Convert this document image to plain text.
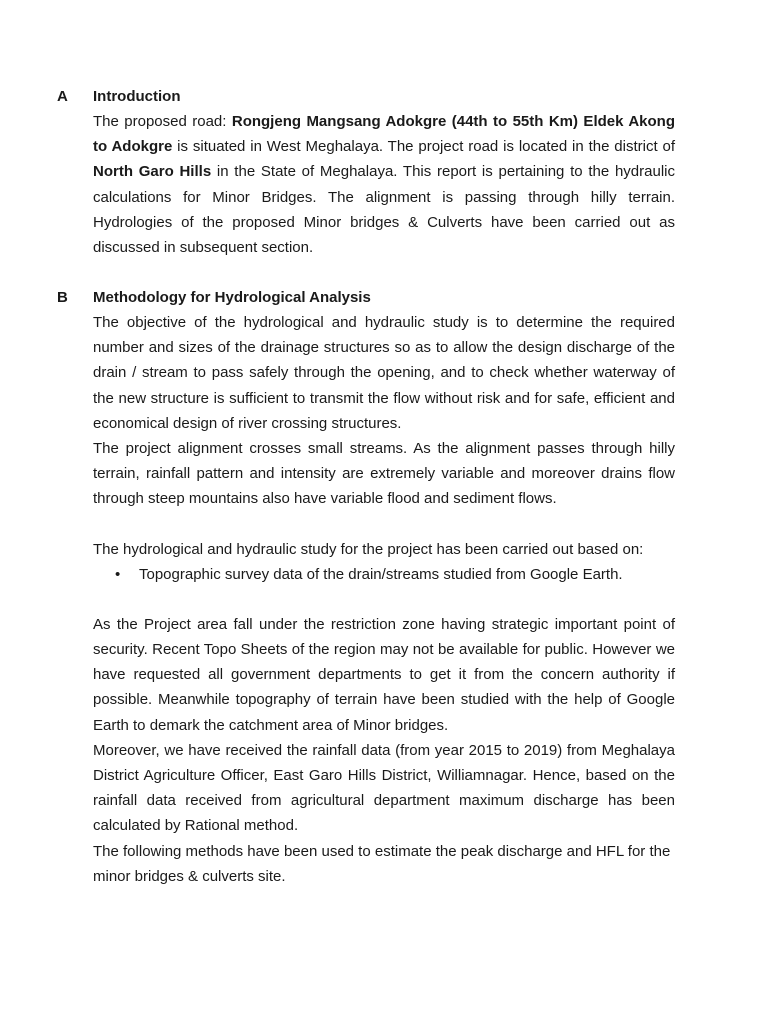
A Introduction

The proposed road: Rongjeng Mangsang Adokgre (44th to 55th Km) Eldek Akong to Adokgre is situated in West Meghalaya. The project road is located in the district of North Garo Hills in the State of Meghalaya. This report is pertaining to the hydraulic calculations for Minor Bridges. The alignment is passing through hilly terrain. Hydrologies of the proposed Minor bridges & Culverts have been carried out as discussed in subsequent section.

B Methodology for Hydrological Analysis

The objective of the hydrological and hydraulic study is to determine the required number and sizes of the drainage structures so as to allow the design discharge of the drain / stream to pass safely through the opening, and to check whether waterway of the new structure is sufficient to transmit the flow without risk and for safe, efficient and economical design of river crossing structures.

The project alignment crosses small streams. As the alignment passes through hilly terrain, rainfall pattern and intensity are extremely variable and moreover drains flow through steep mountains also have variable flood and sediment flows.

The hydrological and hydraulic study for the project has been carried out based on:

• Topographic survey data of the drain/streams studied from Google Earth.

As the Project area fall under the restriction zone having strategic important point of security. Recent Topo Sheets of the region may not be available for public. However we have requested all government departments to get it from the concern authority if possible. Meanwhile topography of terrain have been studied with the help of Google Earth to demark the catchment area of Minor bridges.

Moreover, we have received the rainfall data (from year 2015 to 2019) from Meghalaya District Agriculture Officer, East Garo Hills District, Williamnagar. Hence, based on the rainfall data received from agricultural department maximum discharge has been calculated by Rational method.

The following methods have been used to estimate the peak discharge and HFL for the minor bridges & culverts site.
